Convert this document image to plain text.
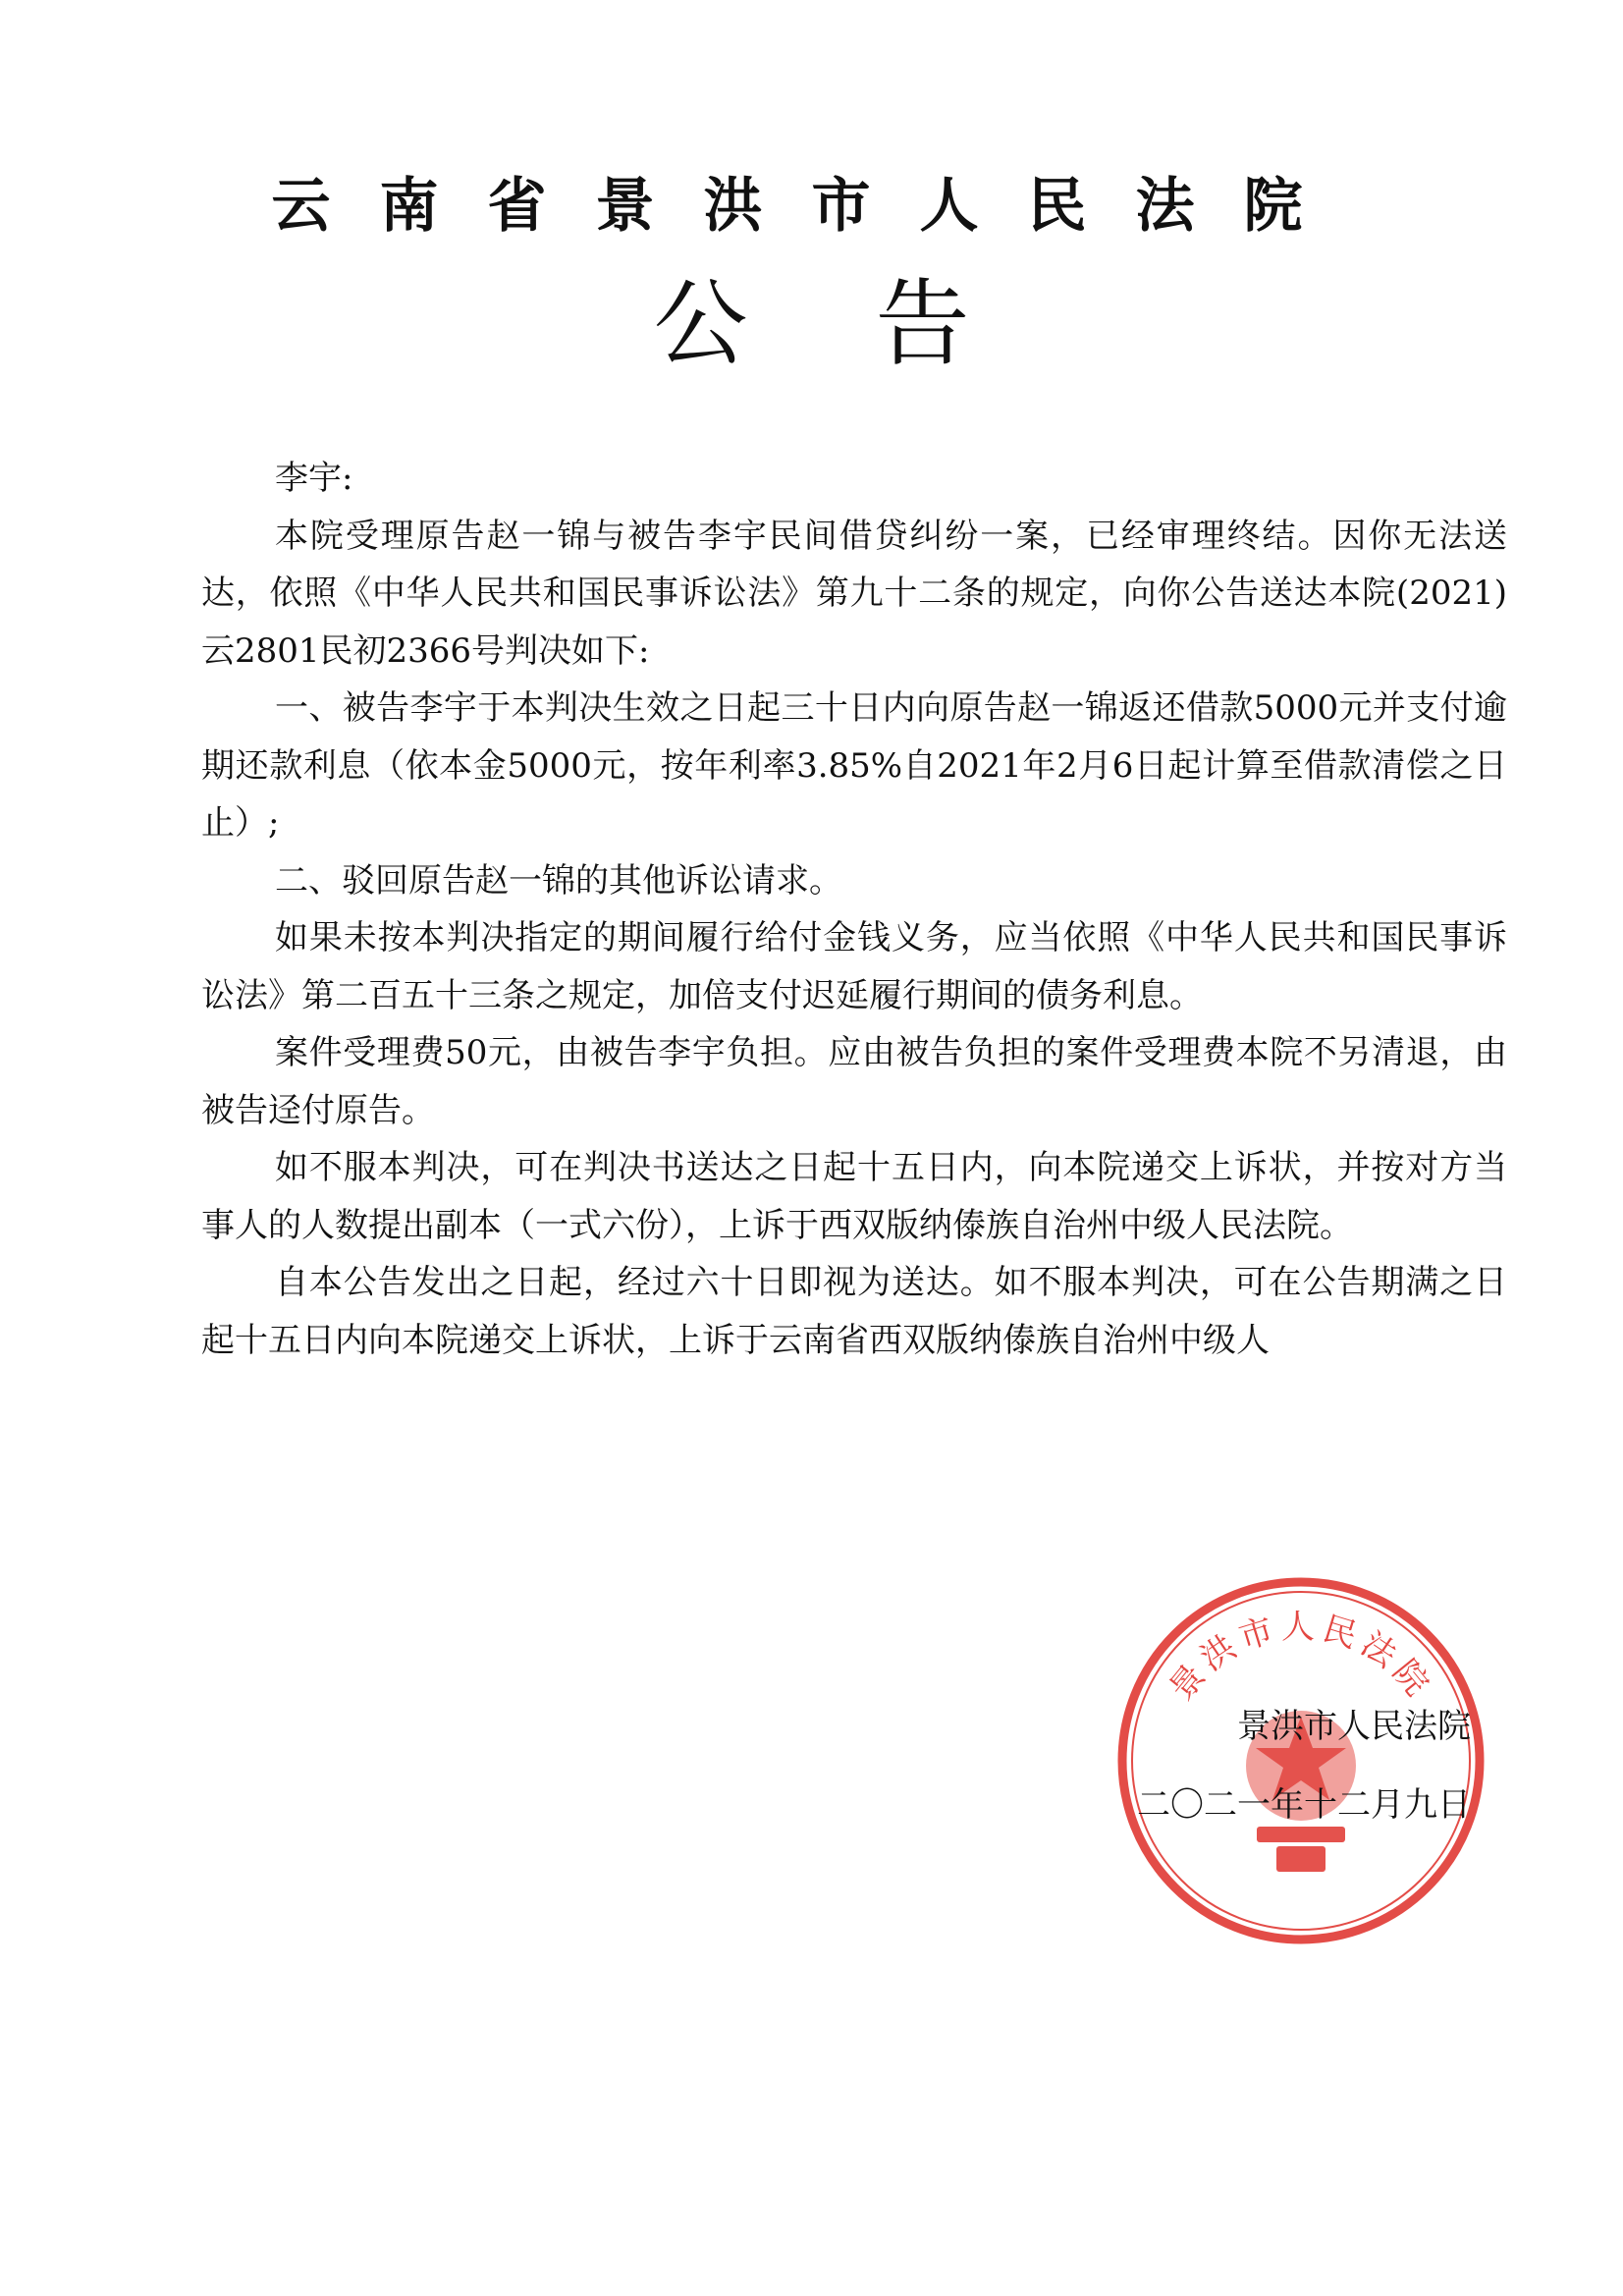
云南省景洪市人民法院
公告

李宇:

本院受理原告赵一锦与被告李宇民间借贷纠纷一案，已经审理终结。因你无法送达，依照《中华人民共和国民事诉讼法》第九十二条的规定，向你公告送达本院(2021)云2801民初2366号判决如下:

一、被告李宇于本判决生效之日起三十日内向原告赵一锦返还借款5000元并支付逾期还款利息（依本金5000元，按年利率3.85%自2021年2月6日起计算至借款清偿之日止）;

二、驳回原告赵一锦的其他诉讼请求。

如果未按本判决指定的期间履行给付金钱义务，应当依照《中华人民共和国民事诉讼法》第二百五十三条之规定，加倍支付迟延履行期间的债务利息。

案件受理费50元，由被告李宇负担。应由被告负担的案件受理费本院不另清退，由被告迳付原告。

如不服本判决，可在判决书送达之日起十五日内，向本院递交上诉状，并按对方当事人的人数提出副本（一式六份），上诉于西双版纳傣族自治州中级人民法院。

自本公告发出之日起，经过六十日即视为送达。如不服本判决，可在公告期满之日起十五日内向本院递交上诉状，上诉于云南省西双版纳傣族自治州中级人

景洪市人民法院
景洪市人民法院
二〇二一年十二月九日
